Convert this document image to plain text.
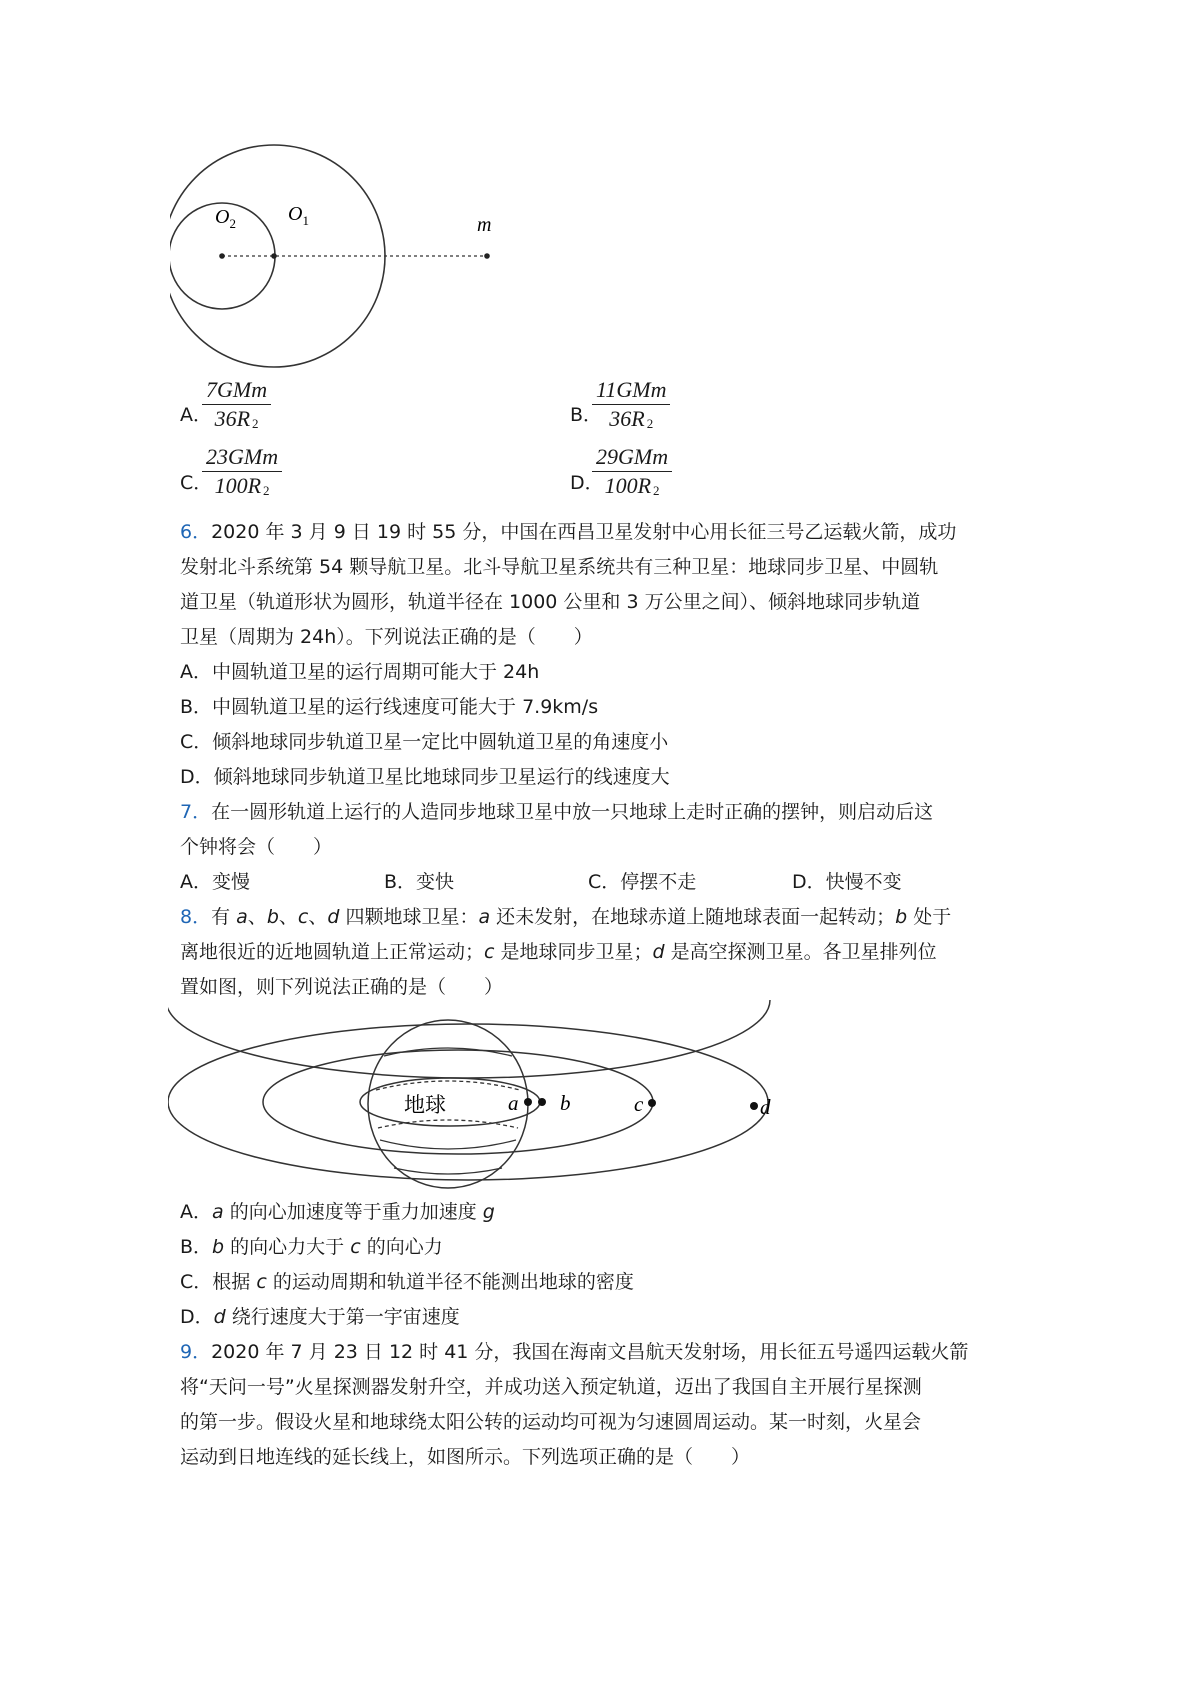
$O_2$	$O_1$	m
A．
7GMm
36R $_2$	B．
11GMm
36R $_2$
C．
23GMm
100R $_2$	D．
29GMm
100R $_2$
6．2020 年 3 月 9 日 19 时 55 分，中国在西昌卫星发射中心用长征三号乙运载火箭，成功
发射北斗系统第 54 颗导航卫星。北斗导航卫星系统共有三种卫星：地球同步卫星、中圆轨
道卫星（轨道形状为圆形，轨道半径在 1000 公里和 3 万公里之间）、倾斜地球同步轨道
卫星（周期为 24h）。下列说法正确的是（　　）
A．中圆轨道卫星的运行周期可能大于 24h
B．中圆轨道卫星的运行线速度可能大于 7.9km/s
C．倾斜地球同步轨道卫星一定比中圆轨道卫星的角速度小
D．倾斜地球同步轨道卫星比地球同步卫星运行的线速度大
7．在一圆形轨道上运行的人造同步地球卫星中放一只地球上走时正确的摆钟，则启动后这
个钟将会（　　）
A．变慢	B．变快	C．停摆不走	D．快慢不变
8．有 a、b、c、d 四颗地球卫星：a 还未发射，在地球赤道上随地球表面一起转动；b 处于
离地很近的近地圆轨道上正常运动；c 是地球同步卫星；d 是高空探测卫星。各卫星排列位
置如图，则下列说法正确的是（　　）
地球	a b	c	d
A．a 的向心加速度等于重力加速度 g
B．b 的向心力大于 c 的向心力
C．根据 c 的运动周期和轨道半径不能测出地球的密度
D．d 绕行速度大于第一宇宙速度
9．2020 年 7 月 23 日 12 时 41 分，我国在海南文昌航天发射场，用长征五号遥四运载火箭
将“天问一号”火星探测器发射升空，并成功送入预定轨道，迈出了我国自主开展行星探测
的第一步。假设火星和地球绕太阳公转的运动均可视为匀速圆周运动。某一时刻，火星会
运动到日地连线的延长线上，如图所示。下列选项正确的是（　　）
